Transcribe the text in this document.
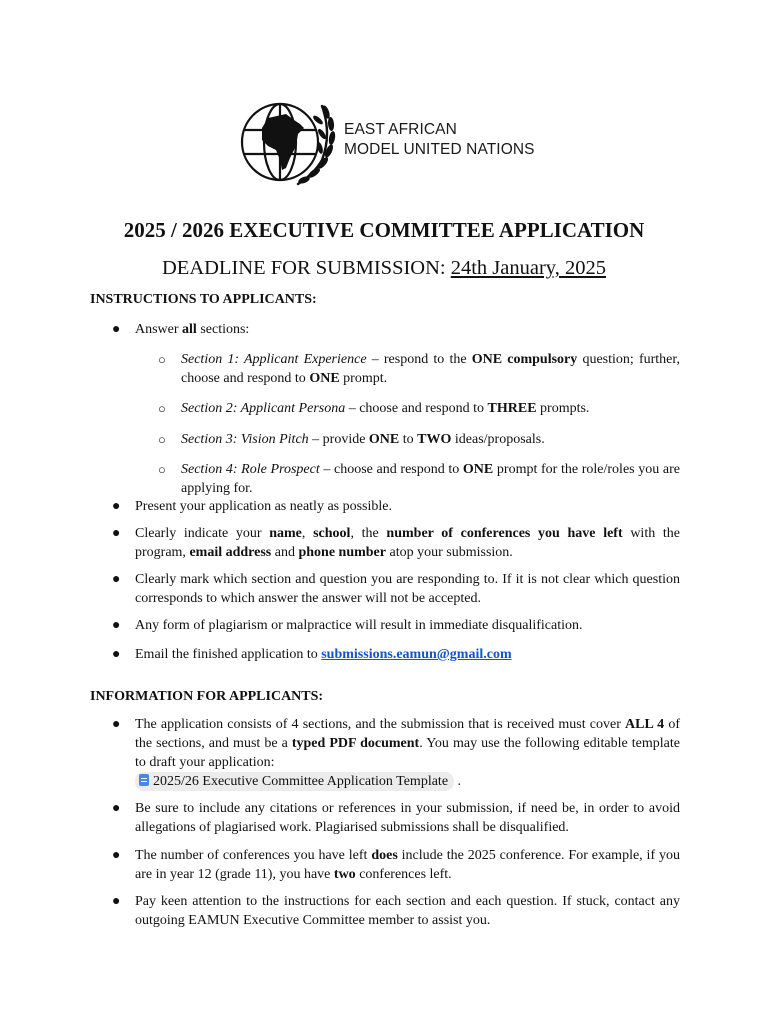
EAST AFRICAN
MODEL UNITED NATIONS
2025 / 2026 EXECUTIVE COMMITTEE APPLICATION
DEADLINE FOR SUBMISSION: 24th January, 2025
INSTRUCTIONS TO APPLICANTS:
● Answer all sections:
○ Section 1: Applicant Experience – respond to the ONE compulsory question; further, choose and respond to ONE prompt.
○ Section 2: Applicant Persona – choose and respond to THREE prompts.
○ Section 3: Vision Pitch – provide ONE to TWO ideas/proposals.
○ Section 4: Role Prospect – choose and respond to ONE prompt for the role/roles you are applying for.
● Present your application as neatly as possible.
● Clearly indicate your name, school, the number of conferences you have left with the program, email address and phone number atop your submission.
● Clearly mark which section and question you are responding to. If it is not clear which question corresponds to which answer the answer will not be accepted.
● Any form of plagiarism or malpractice will result in immediate disqualification.
● Email the finished application to submissions.eamun@gmail.com
INFORMATION FOR APPLICANTS:
● The application consists of 4 sections, and the submission that is received must cover ALL 4 of the sections, and must be a typed PDF document. You may use the following editable template to draft your application:
2025/26 Executive Committee Application Template .
● Be sure to include any citations or references in your submission, if need be, in order to avoid allegations of plagiarised work. Plagiarised submissions shall be disqualified.
● The number of conferences you have left does include the 2025 conference. For example, if you are in year 12 (grade 11), you have two conferences left.
● Pay keen attention to the instructions for each section and each question. If stuck, contact any outgoing EAMUN Executive Committee member to assist you.
